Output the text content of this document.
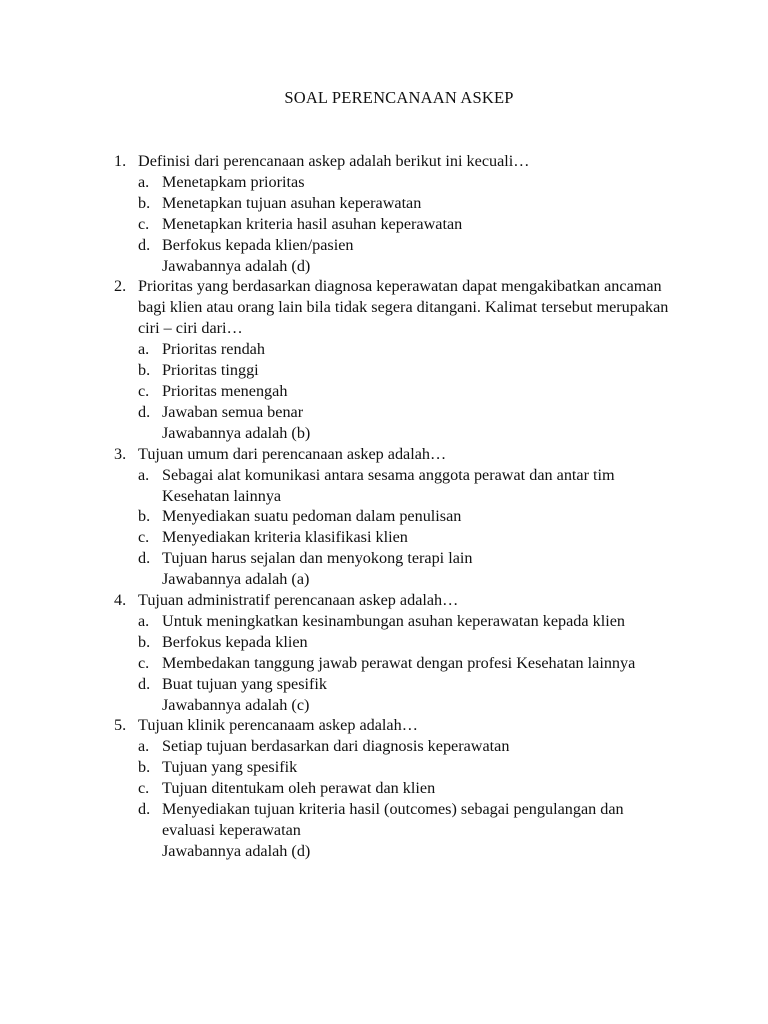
SOAL PERENCANAAN ASKEP
1. Definisi dari perencanaan askep adalah berikut ini kecuali…
a. Menetapkam prioritas
b. Menetapkan tujuan asuhan keperawatan
c. Menetapkan kriteria hasil asuhan keperawatan
d. Berfokus kepada klien/pasien
Jawabannya adalah (d)
2. Prioritas yang berdasarkan diagnosa keperawatan dapat mengakibatkan ancaman bagi klien atau orang lain bila tidak segera ditangani. Kalimat tersebut merupakan ciri – ciri dari…
a. Prioritas rendah
b. Prioritas tinggi
c. Prioritas menengah
d. Jawaban semua benar
Jawabannya adalah (b)
3. Tujuan umum dari perencanaan askep adalah…
a. Sebagai alat komunikasi antara sesama anggota perawat dan antar tim Kesehatan lainnya
b. Menyediakan suatu pedoman dalam penulisan
c. Menyediakan kriteria klasifikasi klien
d. Tujuan harus sejalan dan menyokong terapi lain
Jawabannya adalah (a)
4. Tujuan administratif perencanaan askep adalah…
a. Untuk meningkatkan kesinambungan asuhan keperawatan kepada klien
b. Berfokus kepada klien
c. Membedakan tanggung jawab perawat dengan profesi Kesehatan lainnya
d. Buat tujuan yang spesifik
Jawabannya adalah (c)
5. Tujuan klinik perencanaam askep adalah…
a. Setiap tujuan berdasarkan dari diagnosis keperawatan
b. Tujuan yang spesifik
c. Tujuan ditentukam oleh perawat dan klien
d. Menyediakan tujuan kriteria hasil (outcomes) sebagai pengulangan dan evaluasi keperawatan
Jawabannya adalah (d)
